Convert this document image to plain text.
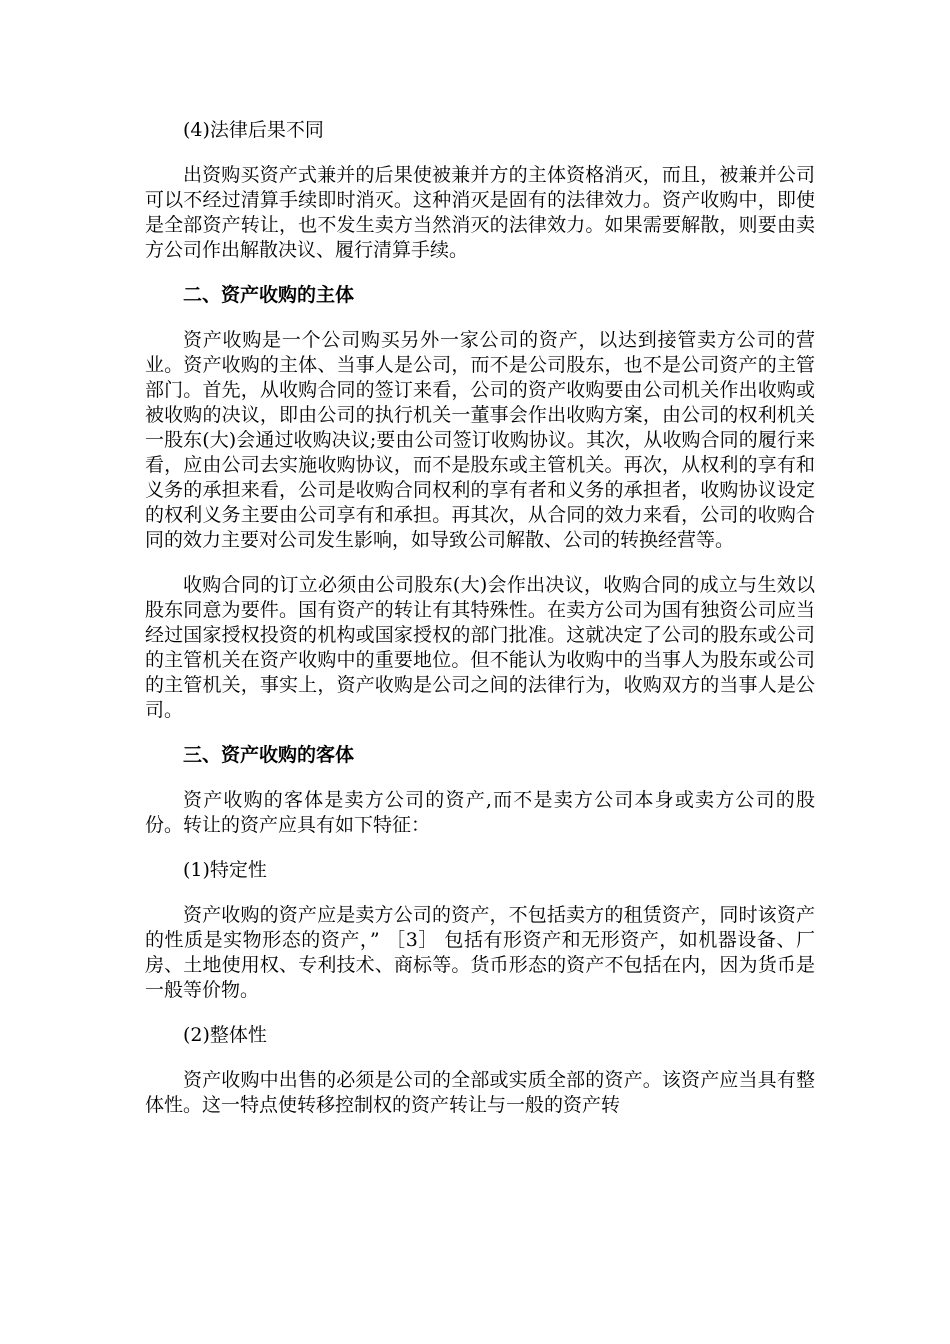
(4)法律后果不同

出资购买资产式兼并的后果使被兼并方的主体资格消灭，而且，被兼并公司可以不经过清算手续即时消灭。这种消灭是固有的法律效力。资产收购中，即使是全部资产转让，也不发生卖方当然消灭的法律效力。如果需要解散，则要由卖方公司作出解散决议、履行清算手续。

二、资产收购的主体

资产收购是一个公司购买另外一家公司的资产，以达到接管卖方公司的营业。资产收购的主体、当事人是公司，而不是公司股东，也不是公司资产的主管部门。首先，从收购合同的签订来看，公司的资产收购要由公司机关作出收购或被收购的决议，即由公司的执行机关一董事会作出收购方案，由公司的权利机关一股东(大)会通过收购决议;要由公司签订收购协议。其次，从收购合同的履行来看，应由公司去实施收购协议，而不是股东或主管机关。再次，从权利的享有和义务的承担来看，公司是收购合同权利的享有者和义务的承担者，收购协议设定的权利义务主要由公司享有和承担。再其次，从合同的效力来看，公司的收购合同的效力主要对公司发生影响，如导致公司解散、公司的转换经营等。

收购合同的订立必须由公司股东(大)会作出决议，收购合同的成立与生效以股东同意为要件。国有资产的转让有其特殊性。在卖方公司为国有独资公司应当经过国家授权投资的机构或国家授权的部门批准。这就决定了公司的股东或公司的主管机关在资产收购中的重要地位。但不能认为收购中的当事人为股东或公司的主管机关，事实上，资产收购是公司之间的法律行为，收购双方的当事人是公司。

三、资产收购的客体

资产收购的客体是卖方公司的资产,而不是卖方公司本身或卖方公司的股份。转让的资产应具有如下特征：

(1)特定性

资产收购的资产应是卖方公司的资产，不包括卖方的租赁资产，同时该资产的性质是实物形态的资产，” ［3］ 包括有形资产和无形资产，如机器设备、厂房、土地使用权、专利技术、商标等。货币形态的资产不包括在内，因为货币是一般等价物。

(2)整体性

资产收购中出售的必须是公司的全部或实质全部的资产。该资产应当具有整体性。这一特点使转移控制权的资产转让与一般的资产转
